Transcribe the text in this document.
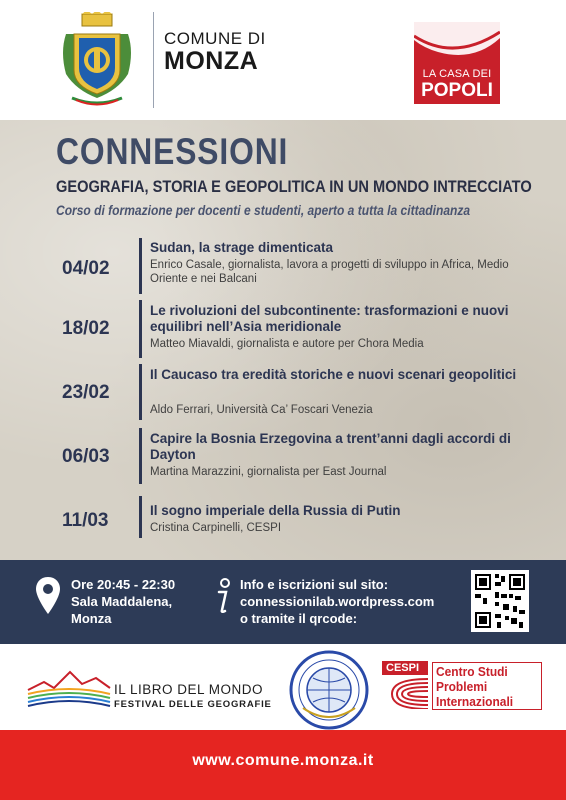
COMUNE DI
MONZA	LA CASA DEI
POPOLI
CONNESSIONI
GEOGRAFIA, STORIA E GEOPOLITICA IN UN MONDO INTRECCIATO
Corso di formazione per docenti e studenti, aperto a tutta la cittadinanza
04/02
Sudan, la strage dimenticata
Enrico Casale, giornalista, lavora a progetti di sviluppo in Africa, Medio Oriente e nei Balcani
18/02
Le rivoluzioni del subcontinente: trasformazioni e nuovi equilibri nell’Asia meridionale
Matteo Miavaldi, giornalista e autore per Chora Media
23/02
Il Caucaso tra eredità storiche e nuovi scenari geopolitici
Aldo Ferrari, Università Ca’ Foscari Venezia
06/03
Capire la Bosnia Erzegovina a trent’anni dagli accordi di Dayton
Martina Marazzini, giornalista per East Journal
11/03	Il sogno imperiale della Russia di Putin
Cristina Carpinelli, CESPI
Ore 20:45 - 22:30
Sala Maddalena,
Monza
Info e iscrizioni sul sito:
connessionilab.wordpress.com
o tramite il qrcode:
IL LIBRO DEL MONDO
FESTIVAL DELLE GEOGRAFIE
CESPI Centro Studi
Problemi
Internazionali
www.comune.monza.it
